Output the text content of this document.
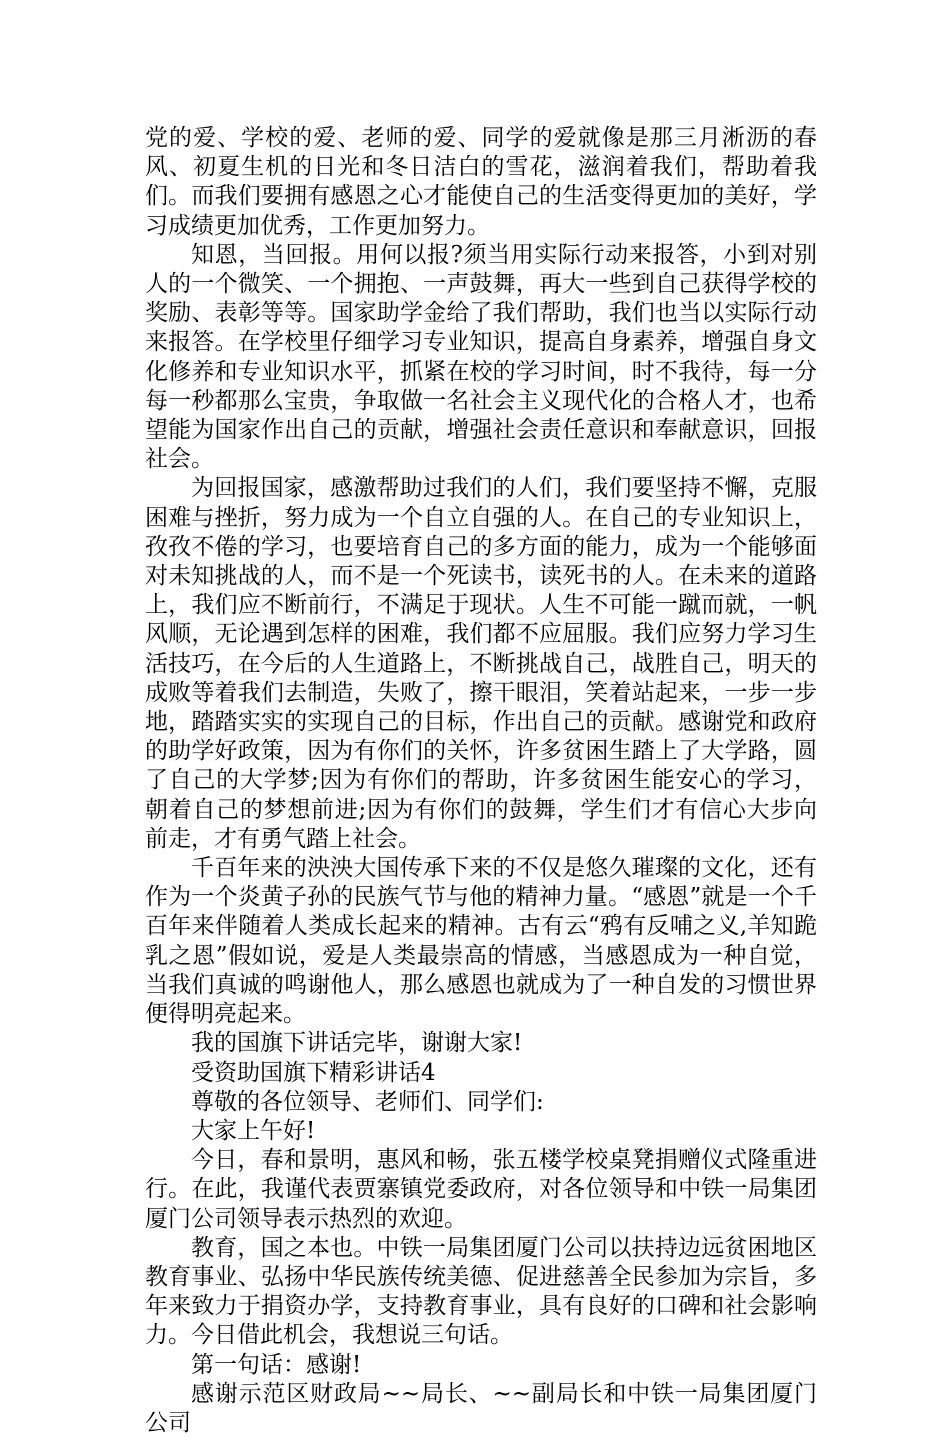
党的爱、学校的爱、老师的爱、同学的爱就像是那三月淅沥的春风、初夏生机的日光和冬日洁白的雪花，滋润着我们，帮助着我们。而我们要拥有感恩之心才能使自己的生活变得更加的美好，学习成绩更加优秀，工作更加努力。

知恩，当回报。用何以报?须当用实际行动来报答，小到对别人的一个微笑、一个拥抱、一声鼓舞，再大一些到自己获得学校的奖励、表彰等等。国家助学金给了我们帮助，我们也当以实际行动来报答。在学校里仔细学习专业知识，提高自身素养，增强自身文化修养和专业知识水平，抓紧在校的学习时间，时不我待，每一分每一秒都那么宝贵，争取做一名社会主义现代化的合格人才，也希望能为国家作出自己的贡献，增强社会责任意识和奉献意识，回报社会。

为回报国家，感激帮助过我们的人们，我们要坚持不懈，克服困难与挫折，努力成为一个自立自强的人。在自己的专业知识上，孜孜不倦的学习，也要培育自己的多方面的能力，成为一个能够面对未知挑战的人，而不是一个死读书，读死书的人。在未来的道路上，我们应不断前行，不满足于现状。人生不可能一蹴而就，一帆风顺，无论遇到怎样的困难，我们都不应屈服。我们应努力学习生活技巧，在今后的人生道路上，不断挑战自己，战胜自己，明天的成败等着我们去制造，失败了，擦干眼泪，笑着站起来，一步一步地，踏踏实实的实现自己的目标，作出自己的贡献。感谢党和政府的助学好政策，因为有你们的关怀，许多贫困生踏上了大学路，圆了自己的大学梦;因为有你们的帮助，许多贫困生能安心的学习，朝着自己的梦想前进;因为有你们的鼓舞，学生们才有信心大步向前走，才有勇气踏上社会。

千百年来的泱泱大国传承下来的不仅是悠久璀璨的文化，还有作为一个炎黄子孙的民族气节与他的精神力量。“感恩”就是一个千百年来伴随着人类成长起来的精神。古有云“鸦有反哺之义,羊知跪乳之恩”假如说，爱是人类最崇高的情感，当感恩成为一种自觉，当我们真诚的鸣谢他人，那么感恩也就成为了一种自发的习惯世界便得明亮起来。

我的国旗下讲话完毕，谢谢大家!

受资助国旗下精彩讲话4

尊敬的各位领导、老师们、同学们:

大家上午好!

今日，春和景明，惠风和畅，张五楼学校桌凳捐赠仪式隆重进行。在此，我谨代表贾寨镇党委政府，对各位领导和中铁一局集团厦门公司领导表示热烈的欢迎。

教育，国之本也。中铁一局集团厦门公司以扶持边远贫困地区教育事业、弘扬中华民族传统美德、促进慈善全民参加为宗旨，多年来致力于捐资办学，支持教育事业，具有良好的口碑和社会影响力。今日借此机会，我想说三句话。

第一句话：感谢!

感谢示范区财政局~~局长、~~副局长和中铁一局集团厦门公司
